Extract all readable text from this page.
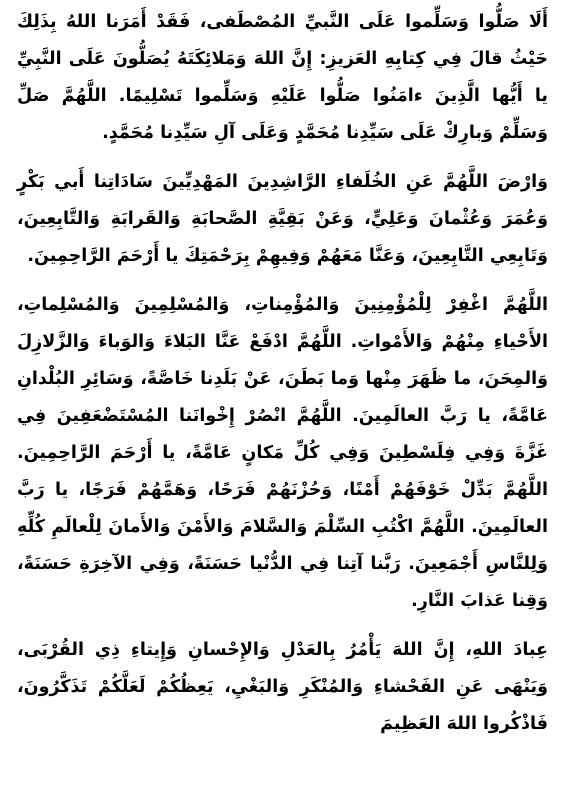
أَلَا صَلُّوا وَسَلِّموا عَلَى النَّبيِّ المُصْطَفى، فَقَدْ أَمَرَنا اللهُ بِذَلِكَ حَيْثُ قالَ فِي كِتابِهِ العَزيزِ: إِنَّ اللهَ وَمَلائِكَتَهُ يُصَلُّونَ عَلَى النَّبِيِّ يا أَيُّها الَّذِينَ ءامَنُوا صَلُّوا عَلَيْهِ وَسَلِّموا تَسْلِيمًا. اللَّهُمَّ صَلِّ وَسَلِّمْ وَبارِكْ عَلَى سَيِّدِنا مُحَمَّدٍ وَعَلَى آلِ سَيِّدِنا مُحَمَّدٍ.

وَارْضَ اللَّهُمَّ عَنِ الخُلَفاءِ الرَّاشِدِينَ المَهْدِيِّينَ سَادَاتِنا أَبي بَكْرٍ وَعُمَرَ وَعُثْمانَ وَعَلِيٍّ، وَعَنْ بَقِيَّةِ الصَّحابَةِ وَالقَرابَةِ وَالتَّابِعِينَ، وَتَابِعِي التَّابِعِينَ، وَعَنَّا مَعَهُمْ وَفِيهِمْ بِرَحْمَتِكَ يا أَرْحَمَ الرَّاحِمِينَ.

اللَّهُمَّ اغْفِرْ لِلْمُؤْمِنِينَ وَالمُؤْمِناتِ، وَالمُسْلِمِينَ وَالمُسْلِماتِ، الأَحْياءِ مِنْهُمْ وَالأَمْواتِ. اللَّهُمَّ ادْفَعْ عَنَّا البَلاءَ وَالوَباءَ وَالزَّلازِلَ وَالمِحَنَ، ما ظَهَرَ مِنْها وَما بَطَنَ، عَنْ بَلَدِنا خَاصَّةً، وَسَائِرِ البُلْدانِ عَامَّةً، يا رَبَّ العالَمِينَ. اللَّهُمَّ انْصُرْ إِخْوانَنا المُسْتَضْعَفِينَ فِي غَزَّةَ وَفِي فِلَسْطِينَ وَفِي كُلِّ مَكانٍ عَامَّةً، يا أَرْحَمَ الرَّاحِمِينَ. اللَّهُمَّ بَدِّلْ خَوْفَهُمْ أَمْنًا، وَحُزْنَهُمْ فَرَحًا، وَهَمَّهُمْ فَرَجًا، يا رَبَّ العالَمِينَ. اللَّهُمَّ اكْتُبِ السِّلْمَ وَالسَّلامَ وَالأَمْنَ وَالأَمانَ لِلْعالَمِ كُلِّهِ وَلِلنَّاسِ أَجْمَعِينَ. رَبَّنا آتِنا فِي الدُّنْيا حَسَنَةً، وَفِي الآخِرَةِ حَسَنَةً، وَقِنا عَذابَ النَّارِ.

عِبادَ اللهِ، إِنَّ اللهَ يَأْمُرُ بِالعَدْلِ وَالإِحْسانِ وَإِيتاءِ ذِي القُرْبَى، وَيَنْهَى عَنِ الفَحْشاءِ وَالمُنْكَرِ وَالبَغْيِ، يَعِظُكُمْ لَعَلَّكُمْ تَذَكَّرُونَ، فَاذْكُروا اللهَ العَظِيمَ
